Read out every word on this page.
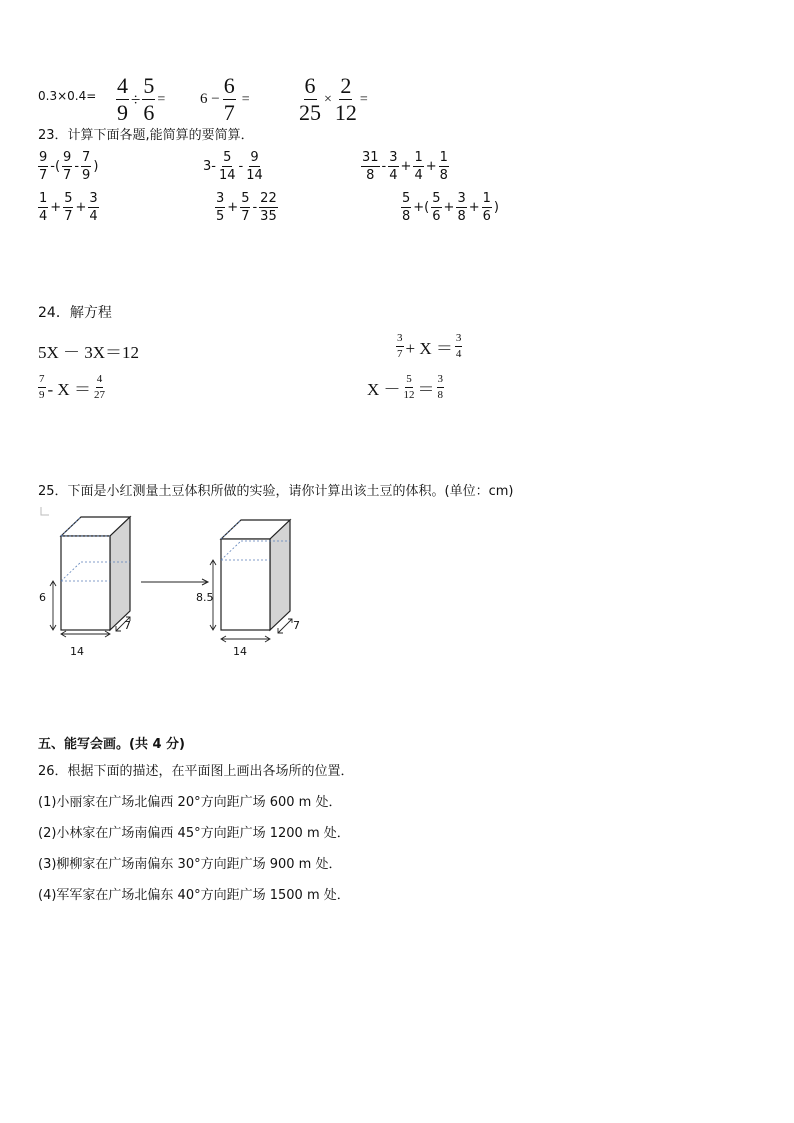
$0.3\times 0.4= \frac{4}{9} \div \frac{5}{6} = 6 - \frac{6}{7} = \frac{6}{25} \times \frac{2}{12}$ =
23．计算下面各题,能简算的要简算．
$\frac{9}{7}$ -( $\frac{9}{7} - \frac{7}{9}$ )	$3- \frac{5}{14} - \frac{9}{14}$	$\frac{31}{8} - \frac{3}{4} + \frac{1}{4} + \frac{1}{8}$
$\frac{1}{4} + \frac{5}{7} + \frac{3}{4}$	$\frac{3}{5} + \frac{5}{7} - \frac{22}{35}$	$\frac{5}{8}$ +( $\frac{5}{6} + \frac{3}{8} + \frac{1}{6}$ )
24．解方程
5X － 3X＝12	$\frac{3}{7} + X = \frac{3}{4}$
$\frac{7}{9} - X = \frac{4}{27}$	$X - \frac{5}{12} = \frac{3}{8}$
25．下面是小红测量土豆体积所做的实验，请你计算出该土豆的体积。(单位：cm)
6
14
7
8.5
14
7
五、能写会画。(共 4 分)
26．根据下面的描述，在平面图上画出各场所的位置．
(1)小丽家在广场北偏西 20°方向距广场 600 m 处．
(2)小林家在广场南偏西 45°方向距广场 1200 m 处．
(3)柳柳家在广场南偏东 30°方向距广场 900 m 处．
(4)军军家在广场北偏东 40°方向距广场 1500 m 处．
